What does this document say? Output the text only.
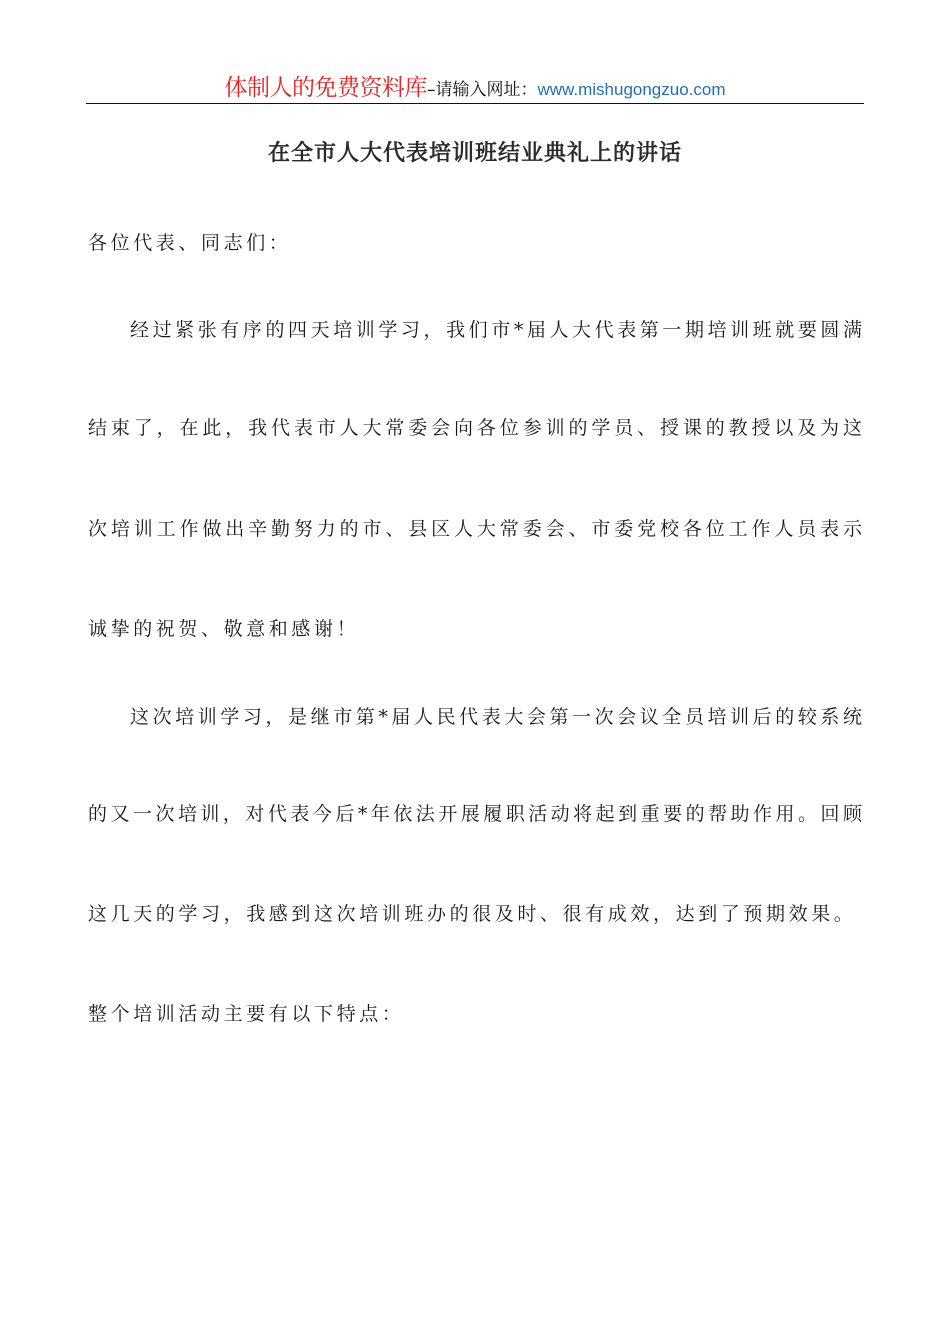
体制人的免费资料库–请输入网址：www.mishugongzuo.com
在全市人大代表培训班结业典礼上的讲话
各位代表、同志们：
经过紧张有序的四天培训学习，我们市*届人大代表第一期培训班就要圆满
结束了，在此，我代表市人大常委会向各位参训的学员、授课的教授以及为这
次培训工作做出辛勤努力的市、县区人大常委会、市委党校各位工作人员表示
诚挚的祝贺、敬意和感谢！
这次培训学习，是继市第*届人民代表大会第一次会议全员培训后的较系统
的又一次培训，对代表今后*年依法开展履职活动将起到重要的帮助作用。回顾
这几天的学习，我感到这次培训班办的很及时、很有成效，达到了预期效果。
整个培训活动主要有以下特点：
